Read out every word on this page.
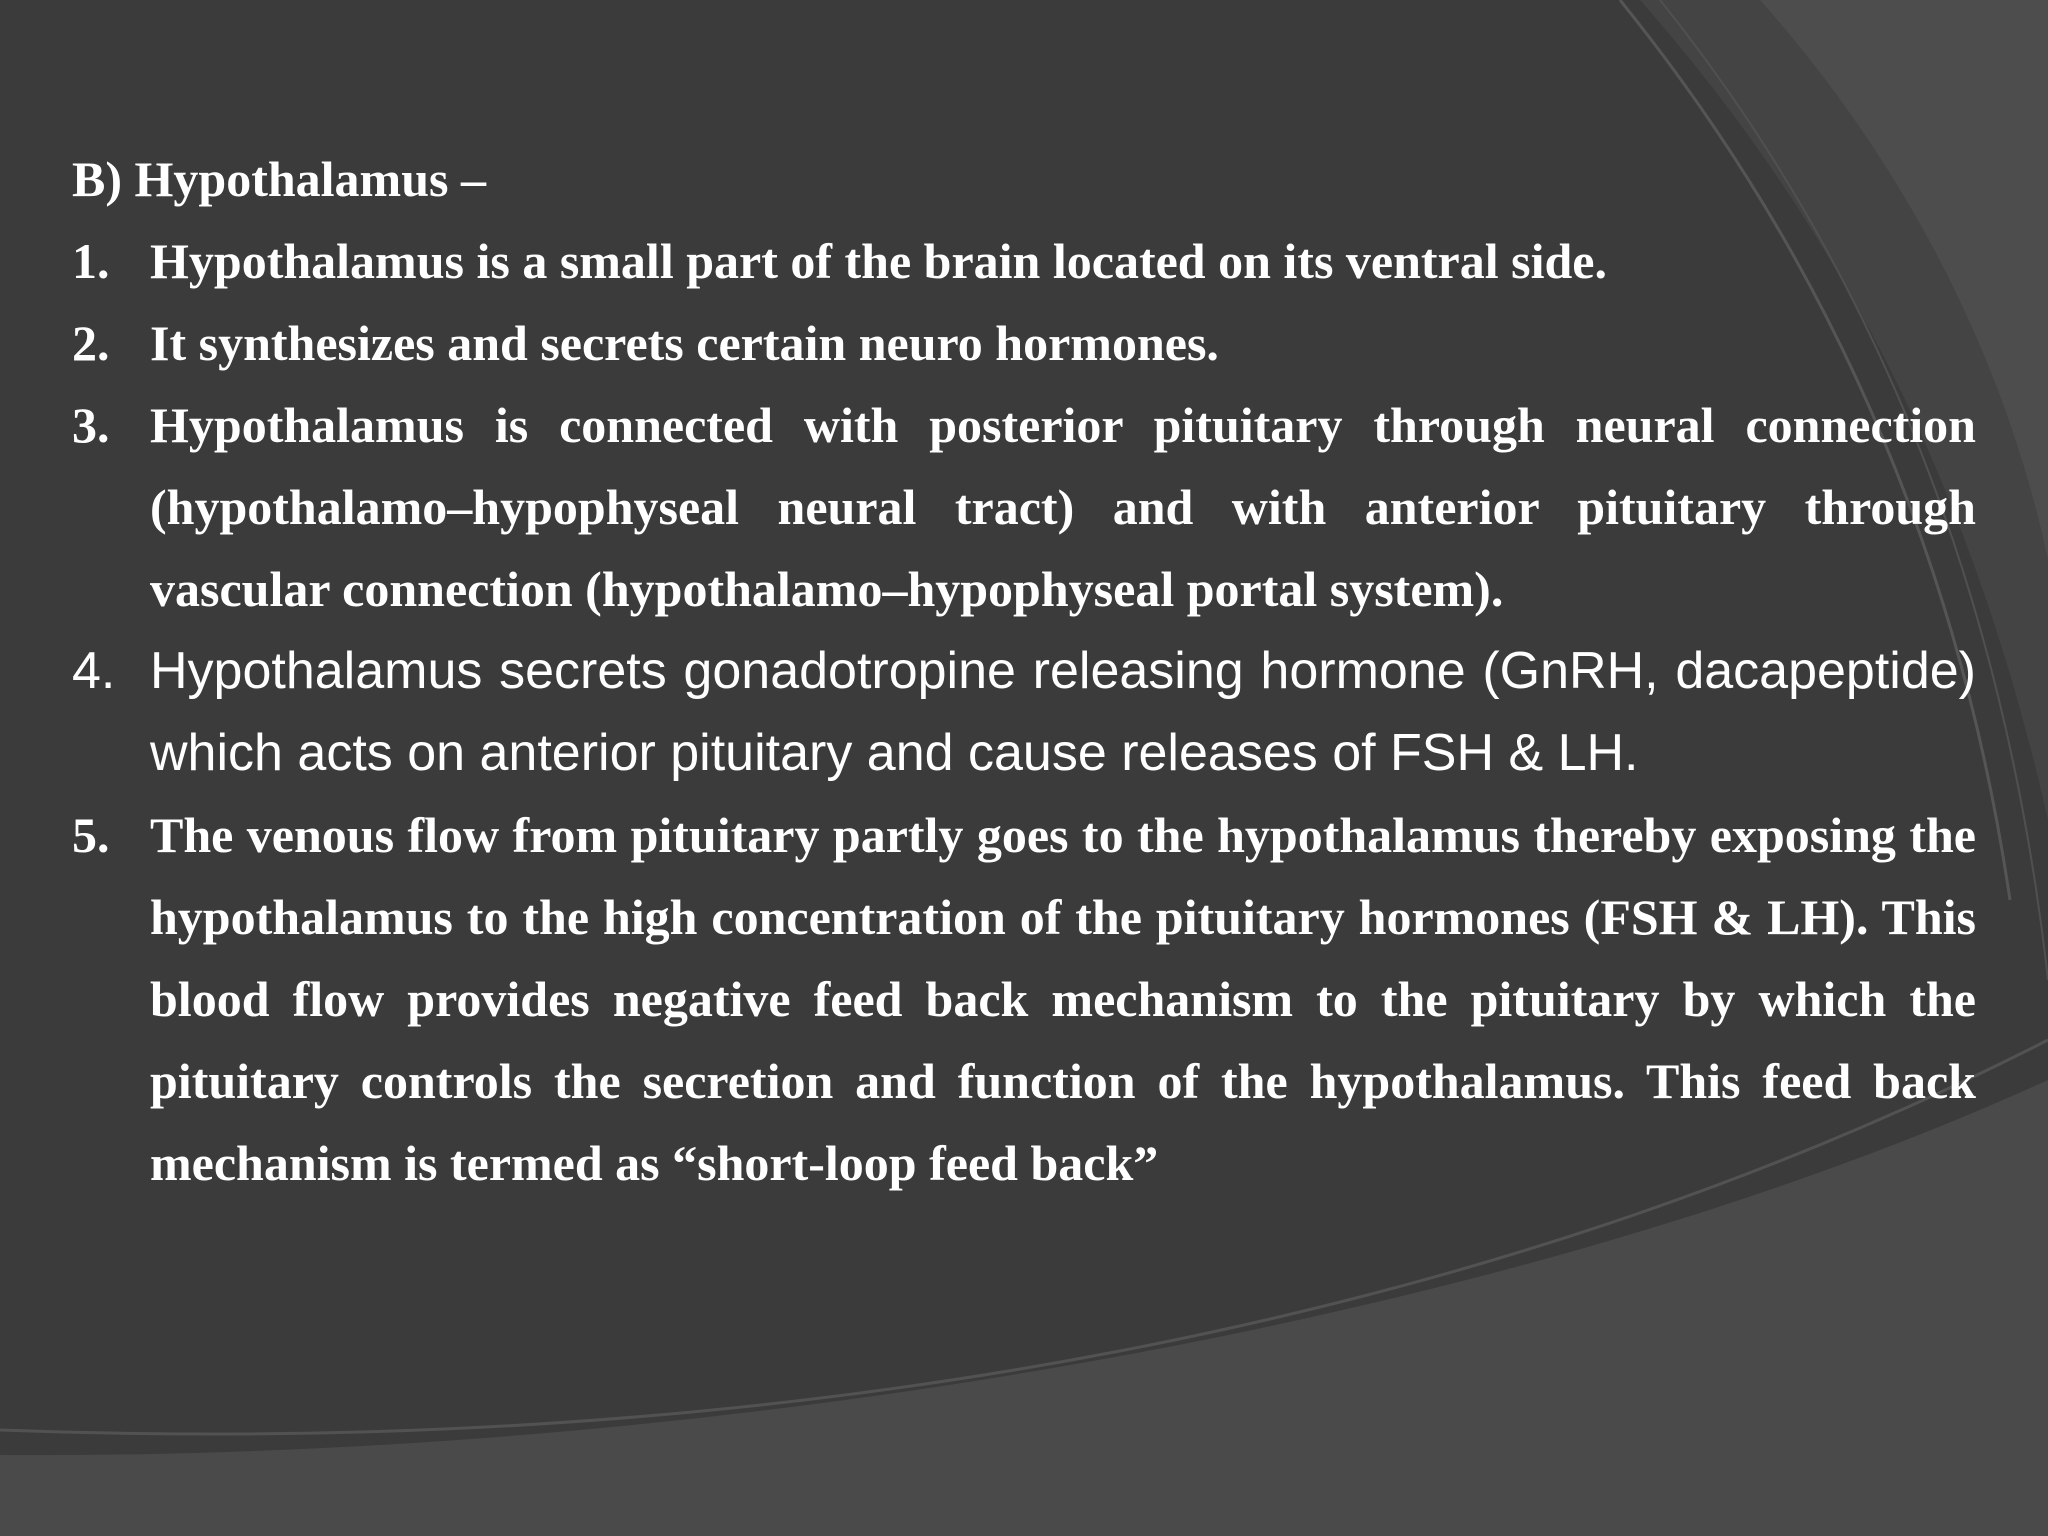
B) Hypothalamus –

1. Hypothalamus is a small part of the brain located on its ventral side.
2. It synthesizes and secrets certain neuro hormones.
3. Hypothalamus is connected with posterior pituitary through neural connection (hypothalamo–hypophyseal neural tract) and with anterior pituitary through vascular connection (hypothalamo–hypophyseal portal system).
4. Hypothalamus secrets gonadotropine releasing hormone (GnRH, dacapeptide) which acts on anterior pituitary and cause releases of FSH & LH.
5. The venous flow from pituitary partly goes to the hypothalamus thereby exposing the hypothalamus to the high concentration of the pituitary hormones (FSH & LH). This blood flow provides negative feed back mechanism to the pituitary by which the pituitary controls the secretion and function of the hypothalamus. This feed back mechanism is termed as “short-loop feed back”
